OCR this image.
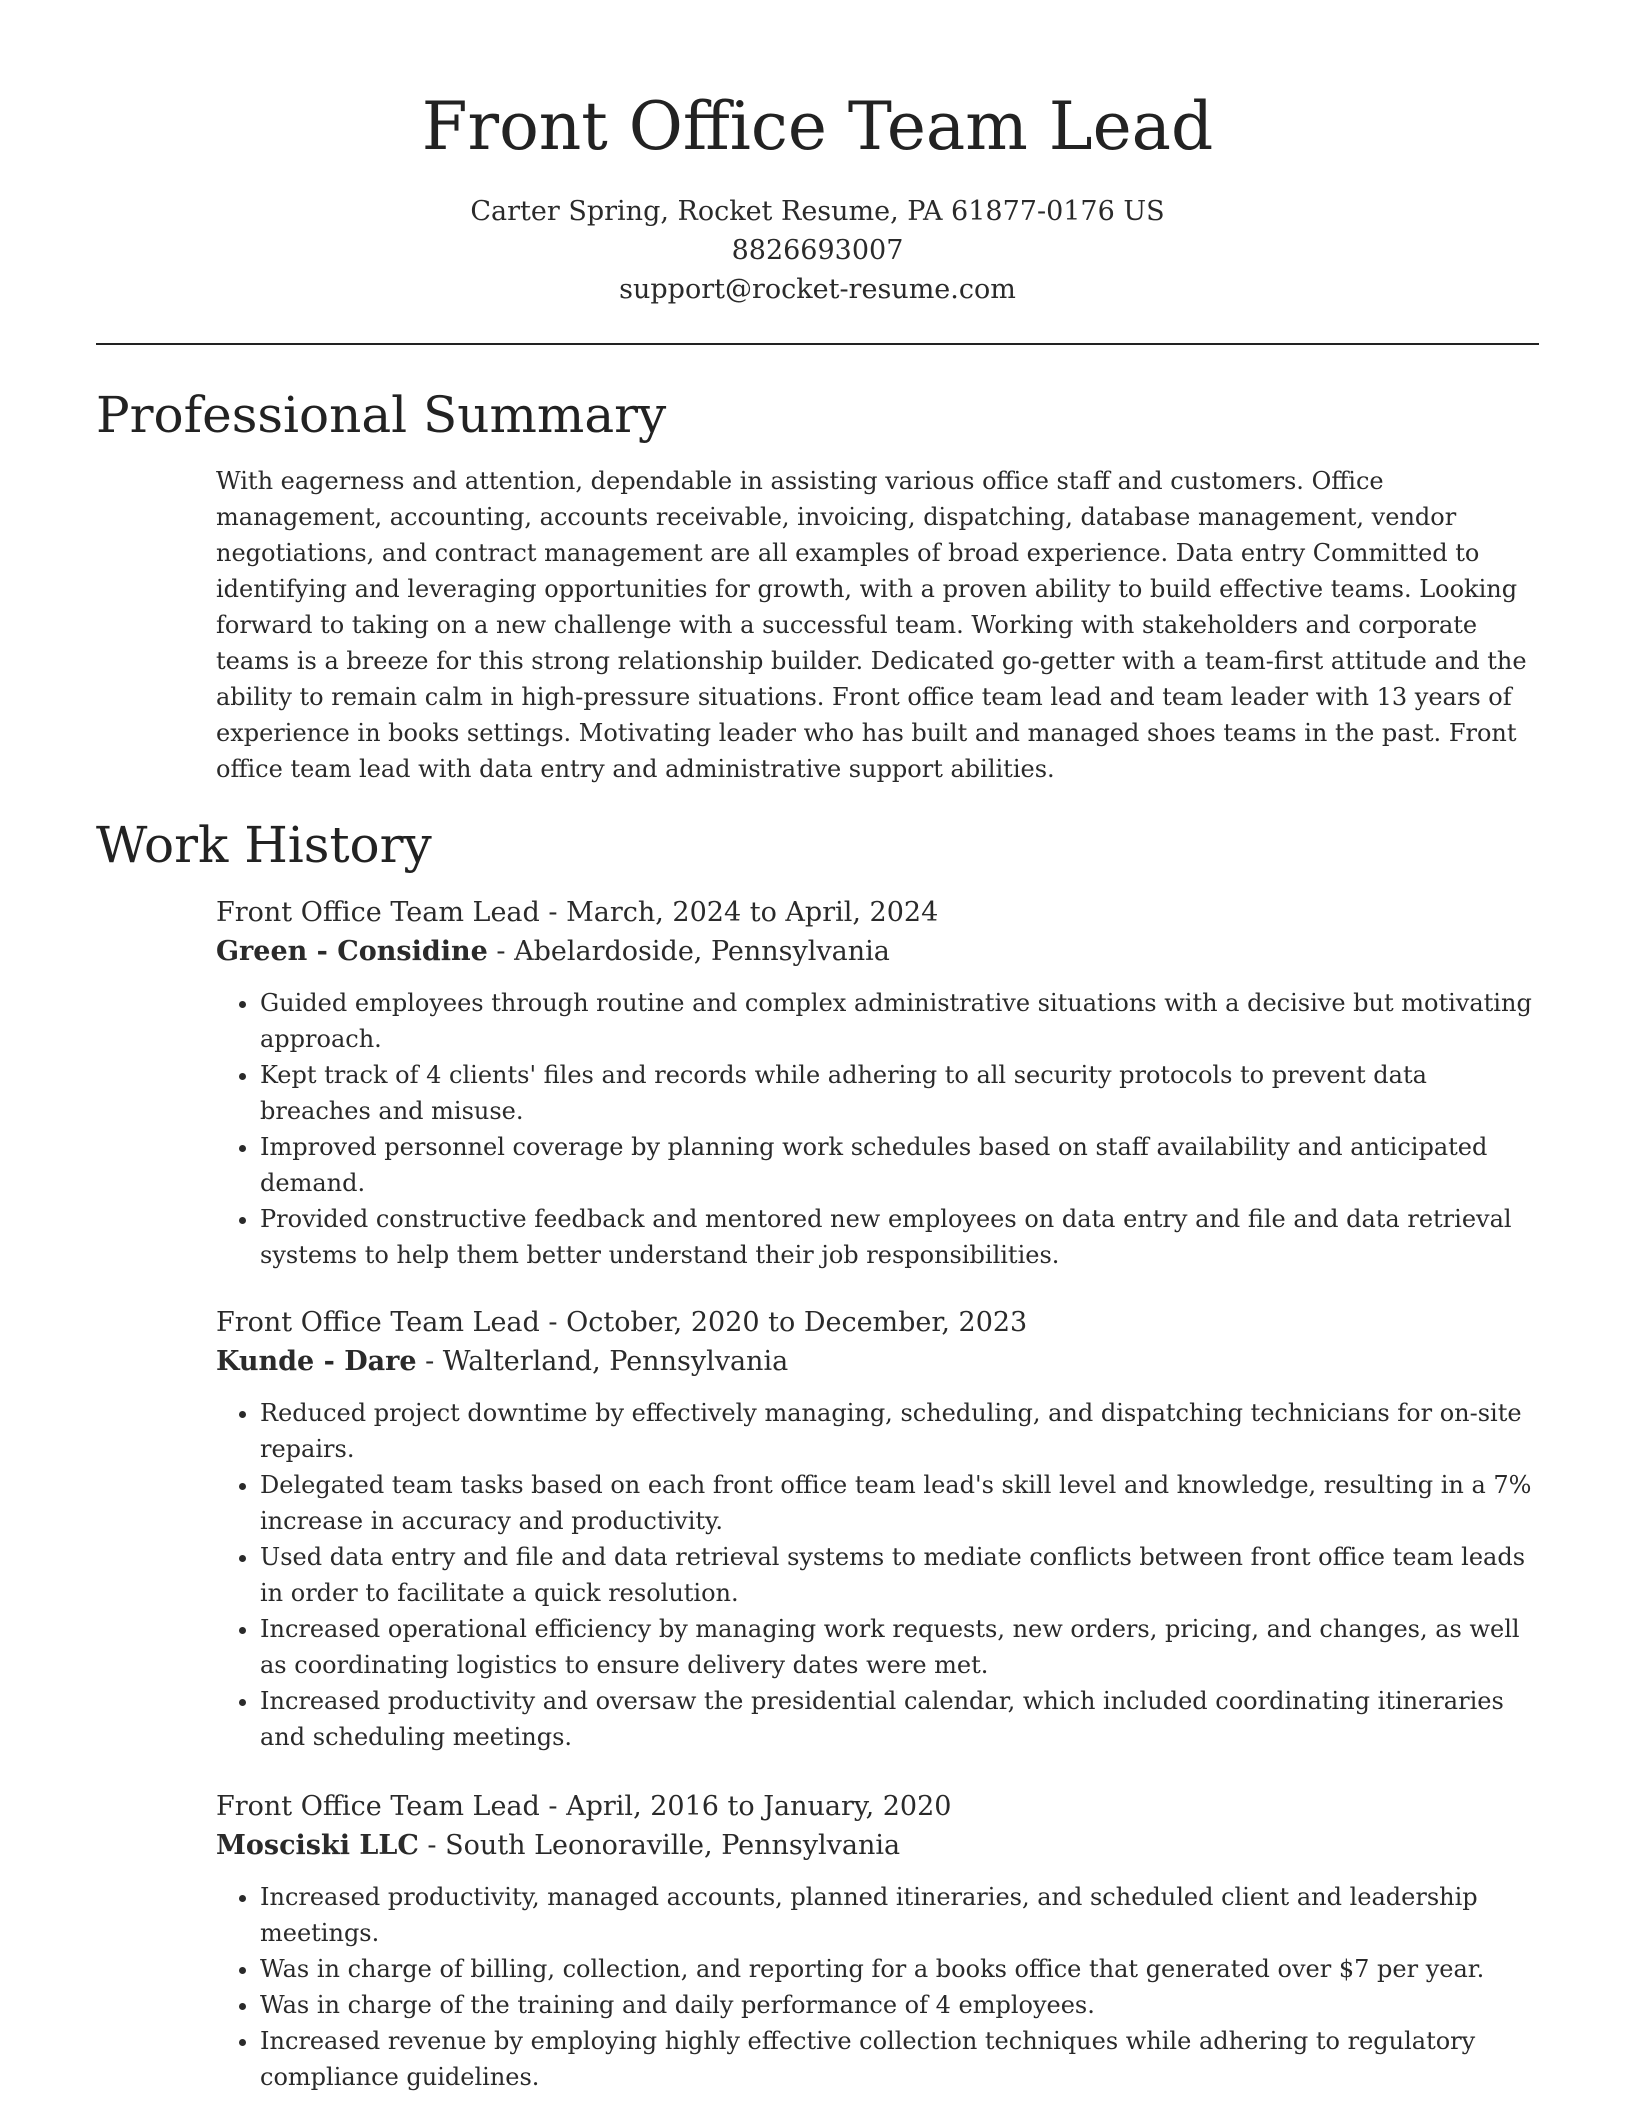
Front Office Team Lead
Carter Spring, Rocket Resume, PA 61877-0176 US
8826693007
support@rocket-resume.com
Professional Summary
With eagerness and attention, dependable in assisting various office staff and customers. Office management, accounting, accounts receivable, invoicing, dispatching, database management, vendor negotiations, and contract management are all examples of broad experience. Data entry Committed to identifying and leveraging opportunities for growth, with a proven ability to build effective teams. Looking forward to taking on a new challenge with a successful team. Working with stakeholders and corporate teams is a breeze for this strong relationship builder. Dedicated go-getter with a team-first attitude and the ability to remain calm in high-pressure situations. Front office team lead and team leader with 13 years of experience in books settings. Motivating leader who has built and managed shoes teams in the past. Front office team lead with data entry and administrative support abilities.
Work History
Front Office Team Lead - March, 2024 to April, 2024
Green - Considine - Abelardoside, Pennsylvania
• Guided employees through routine and complex administrative situations with a decisive but motivating approach.
• Kept track of 4 clients' files and records while adhering to all security protocols to prevent data breaches and misuse.
• Improved personnel coverage by planning work schedules based on staff availability and anticipated demand.
• Provided constructive feedback and mentored new employees on data entry and file and data retrieval systems to help them better understand their job responsibilities.
Front Office Team Lead - October, 2020 to December, 2023
Kunde - Dare - Walterland, Pennsylvania
• Reduced project downtime by effectively managing, scheduling, and dispatching technicians for on-site repairs.
• Delegated team tasks based on each front office team lead's skill level and knowledge, resulting in a 7% increase in accuracy and productivity.
• Used data entry and file and data retrieval systems to mediate conflicts between front office team leads in order to facilitate a quick resolution.
• Increased operational efficiency by managing work requests, new orders, pricing, and changes, as well as coordinating logistics to ensure delivery dates were met.
• Increased productivity and oversaw the presidential calendar, which included coordinating itineraries and scheduling meetings.
Front Office Team Lead - April, 2016 to January, 2020
Mosciski LLC - South Leonoraville, Pennsylvania
• Increased productivity, managed accounts, planned itineraries, and scheduled client and leadership meetings.
• Was in charge of billing, collection, and reporting for a books office that generated over $7 per year.
• Was in charge of the training and daily performance of 4 employees.
• Increased revenue by employing highly effective collection techniques while adhering to regulatory compliance guidelines.
